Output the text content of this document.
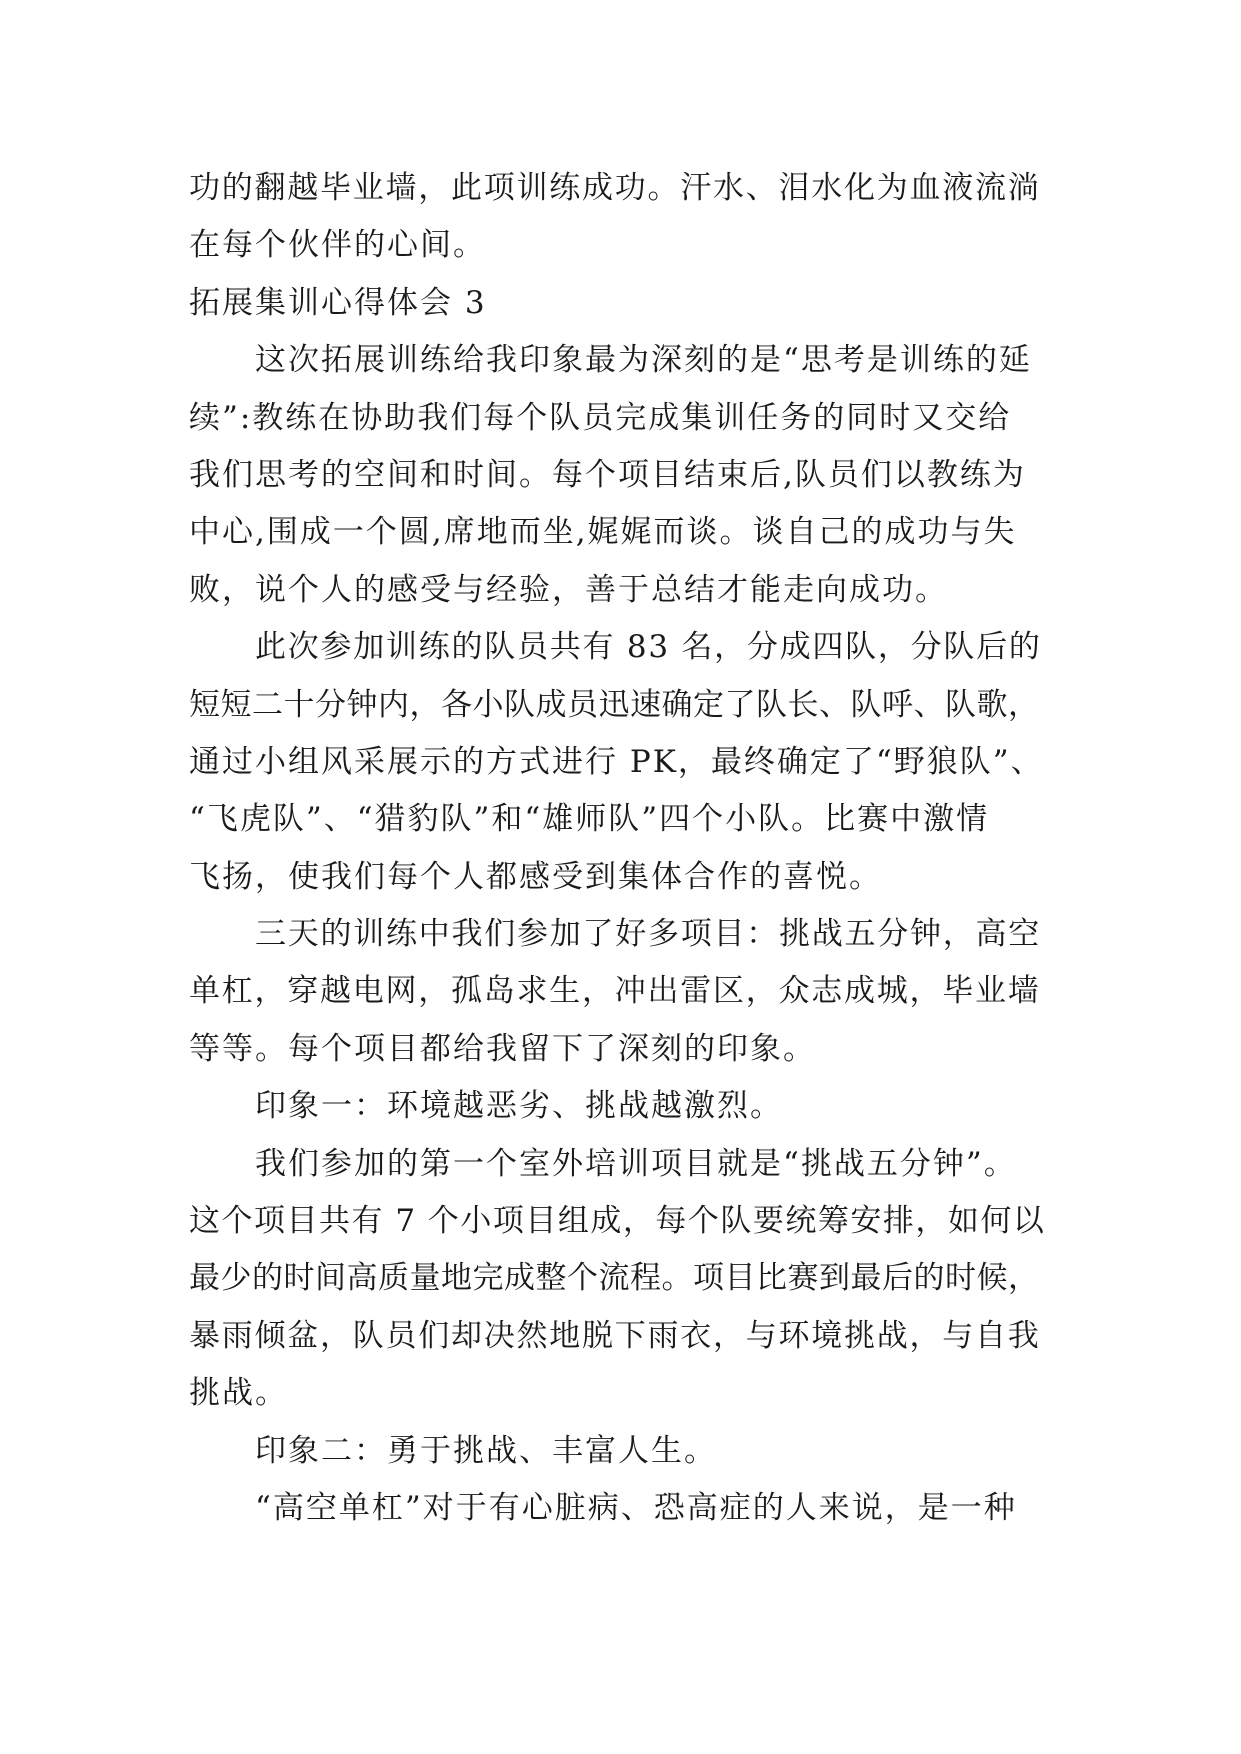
功的翻越毕业墙，此项训练成功。汗水、泪水化为血液流淌
在每个伙伴的心间。
拓展集训心得体会 3
这次拓展训练给我印象最为深刻的是“思考是训练的延
续”:教练在协助我们每个队员完成集训任务的同时又交给
我们思考的空间和时间。每个项目结束后,队员们以教练为
中心,围成一个圆,席地而坐,娓娓而谈。谈自己的成功与失
败，说个人的感受与经验，善于总结才能走向成功。
此次参加训练的队员共有 83 名，分成四队，分队后的
短短二十分钟内，各小队成员迅速确定了队长、队呼、队歌，
通过小组风采展示的方式进行 PK，最终确定了“野狼队”、
“飞虎队”、“猎豹队”和“雄师队”四个小队。比赛中激情
飞扬，使我们每个人都感受到集体合作的喜悦。
三天的训练中我们参加了好多项目：挑战五分钟，高空
单杠，穿越电网，孤岛求生，冲出雷区，众志成城，毕业墙
等等。每个项目都给我留下了深刻的印象。
印象一：环境越恶劣、挑战越激烈。
我们参加的第一个室外培训项目就是“挑战五分钟”。
这个项目共有 7 个小项目组成，每个队要统筹安排，如何以
最少的时间高质量地完成整个流程。项目比赛到最后的时候，
暴雨倾盆，队员们却决然地脱下雨衣，与环境挑战，与自我
挑战。
印象二：勇于挑战、丰富人生。
“高空单杠”对于有心脏病、恐高症的人来说，是一种
